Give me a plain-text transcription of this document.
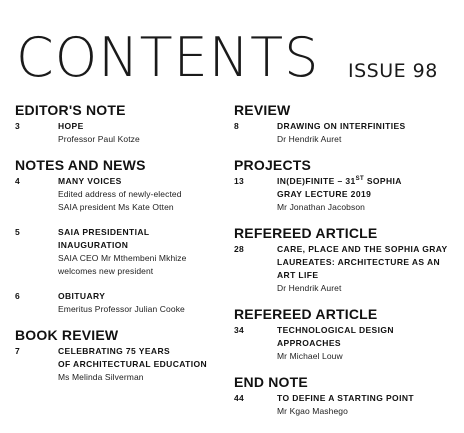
CONTENTS ISSUE 98
EDITOR'S NOTE
3	HOPE
Professor Paul Kotze
NOTES AND NEWS
4	MANY VOICES
Edited address of newly-elected
SAIA president Ms Kate Otten
5	SAIA PRESIDENTIAL
INAUGURATION
SAIA CEO Mr Mthembeni Mkhize
welcomes new president
6	OBITUARY
Emeritus Professor Julian Cooke
BOOK REVIEW
7	CELEBRATING 75 YEARS
OF ARCHITECTURAL EDUCATION
Ms Melinda Silverman
REVIEW
8	DRAWING ON INTERFINITIES
Dr Hendrik Auret
PROJECTS
13	IN(DE)FINITE – 31ST SOPHIA
GRAY LECTURE 2019
Mr Jonathan Jacobson
REFEREED ARTICLE
28	CARE, PLACE AND THE SOPHIA GRAY
LAUREATES: ARCHITECTURE AS AN
ART LIFE
Dr Hendrik Auret
REFEREED ARTICLE
34	TECHNOLOGICAL DESIGN
APPROACHES
Mr Michael Louw
END NOTE
44	TO DEFINE A STARTING POINT
Mr Kgao Mashego
